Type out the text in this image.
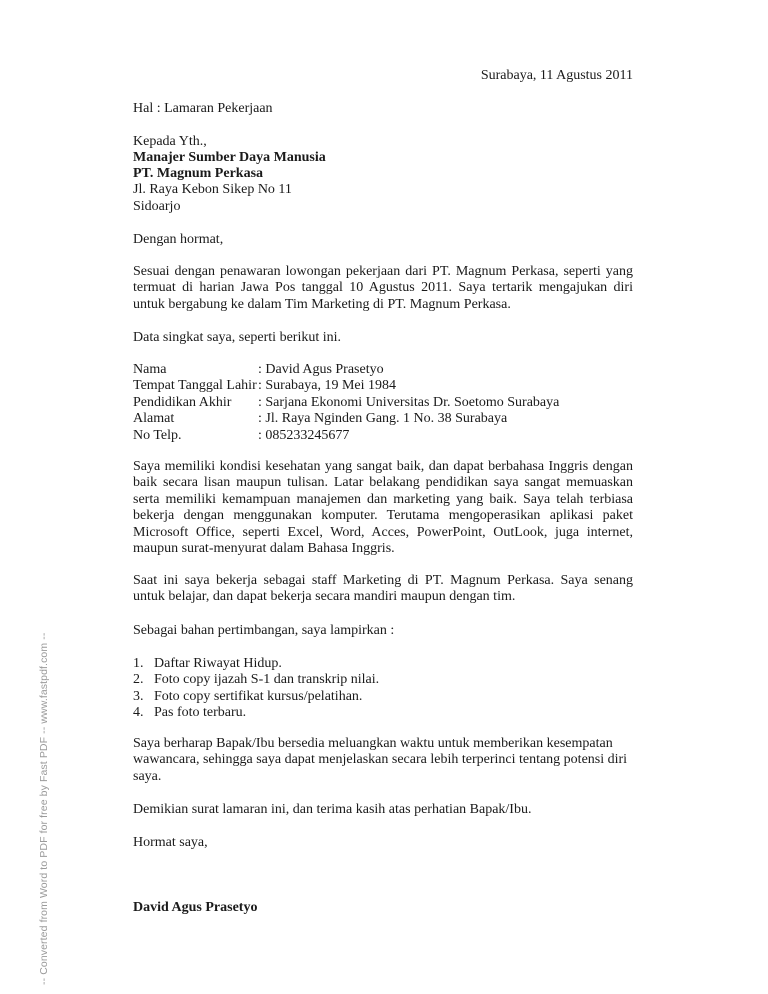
-- Converted from Word to PDF for free by Fast PDF -- www.fastpdf.com --
Surabaya, 11 Agustus 2011
Hal : Lamaran Pekerjaan
Kepada Yth.,
Manajer Sumber Daya Manusia
PT. Magnum Perkasa
Jl. Raya Kebon Sikep No 11
Sidoarjo
Dengan hormat,
Sesuai dengan penawaran lowongan pekerjaan dari PT. Magnum Perkasa, seperti yang
termuat di harian Jawa Pos tanggal 10 Agustus 2011. Saya tertarik mengajukan diri
untuk bergabung ke dalam Tim Marketing di PT. Magnum Perkasa.
Data singkat saya, seperti berikut ini.
Nama	: David Agus Prasetyo
Tempat Tanggal Lahir : Surabaya, 19 Mei 1984
Pendidikan Akhir : Sarjana Ekonomi Universitas Dr. Soetomo Surabaya
Alamat	: Jl. Raya Nginden Gang. 1 No. 38 Surabaya
No Telp.	: 085233245677
Saya memiliki kondisi kesehatan yang sangat baik, dan dapat berbahasa Inggris dengan
baik secara lisan maupun tulisan. Latar belakang pendidikan saya sangat memuaskan
serta memiliki kemampuan manajemen dan marketing yang baik. Saya telah terbiasa
bekerja dengan menggunakan komputer. Terutama mengoperasikan aplikasi paket
Microsoft Office, seperti Excel, Word, Acces, PowerPoint, OutLook, juga internet,
maupun surat-menyurat dalam Bahasa Inggris.
Saat ini saya bekerja sebagai staff Marketing di PT. Magnum Perkasa. Saya senang
untuk belajar, dan dapat bekerja secara mandiri maupun dengan tim.
Sebagai bahan pertimbangan, saya lampirkan :
1. Daftar Riwayat Hidup.
2. Foto copy ijazah S-1 dan transkrip nilai.
3. Foto copy sertifikat kursus/pelatihan.
4. Pas foto terbaru.
Saya berharap Bapak/Ibu bersedia meluangkan waktu untuk memberikan kesempatan
wawancara, sehingga saya dapat menjelaskan secara lebih terperinci tentang potensi diri
saya.
Demikian surat lamaran ini, dan terima kasih atas perhatian Bapak/Ibu.
Hormat saya,
David Agus Prasetyo
